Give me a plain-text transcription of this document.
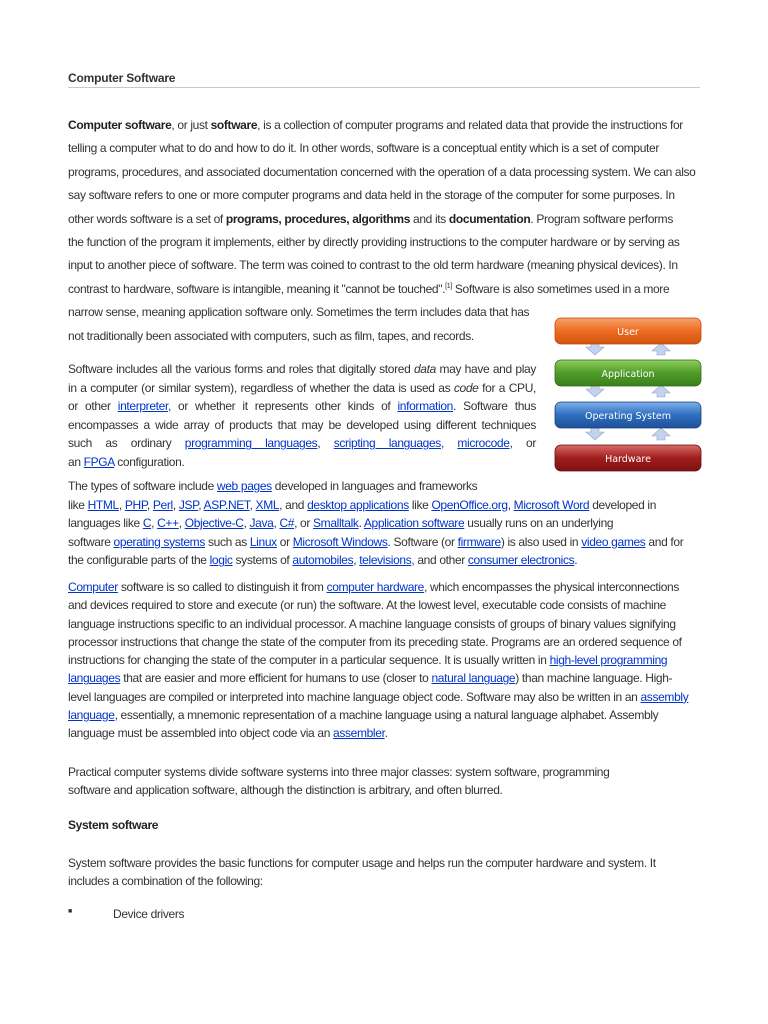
Computer Software
Computer software, or just software, is a collection of computer programs and related data that provide the instructions for
telling a computer what to do and how to do it. In other words, software is a conceptual entity which is a set of computer
programs, procedures, and associated documentation concerned with the operation of a data processing system. We can also
say software refers to one or more computer programs and data held in the storage of the computer for some purposes. In
other words software is a set of programs, procedures, algorithms and its documentation. Program software performs
the function of the program it implements, either by directly providing instructions to the computer hardware or by serving as
input to another piece of software. The term was coined to contrast to the old term hardware (meaning physical devices). In
contrast to hardware, software is intangible, meaning it "cannot be touched".[1] Software is also sometimes used in a more
narrow sense, meaning application software only. Sometimes the term includes data that has
not traditionally been associated with computers, such as film, tapes, and records.
Software includes all the various forms and roles that digitally stored data may have and play
in a computer (or similar system), regardless of whether the data is used as code for a CPU,
or other interpreter, or whether it represents other kinds of information. Software thus
encompasses a wide array of products that may be developed using different techniques
such as ordinary programming languages, scripting languages, microcode, or
an FPGA configuration.
User
Application
Operating System
Hardware
The types of software include web pages developed in languages and frameworks
like HTML, PHP, Perl, JSP, ASP.NET, XML, and desktop applications like OpenOffice.org, Microsoft Word developed in
languages like C, C++, Objective-C, Java, C#, or Smalltalk. Application software usually runs on an underlying
software operating systems such as Linux or Microsoft Windows. Software (or firmware) is also used in video games and for
the configurable parts of the logic systems of automobiles, televisions, and other consumer electronics.
Computer software is so called to distinguish it from computer hardware, which encompasses the physical interconnections
and devices required to store and execute (or run) the software. At the lowest level, executable code consists of machine
language instructions specific to an individual processor. A machine language consists of groups of binary values signifying
processor instructions that change the state of the computer from its preceding state. Programs are an ordered sequence of
instructions for changing the state of the computer in a particular sequence. It is usually written in high-level programming
languages that are easier and more efficient for humans to use (closer to natural language) than machine language. High-
level languages are compiled or interpreted into machine language object code. Software may also be written in an assembly
language, essentially, a mnemonic representation of a machine language using a natural language alphabet. Assembly
language must be assembled into object code via an assembler.
Practical computer systems divide software systems into three major classes: system software, programming
software and application software, although the distinction is arbitrary, and often blurred.
System software
System software provides the basic functions for computer usage and helps run the computer hardware and system. It
includes a combination of the following:
■	Device drivers
